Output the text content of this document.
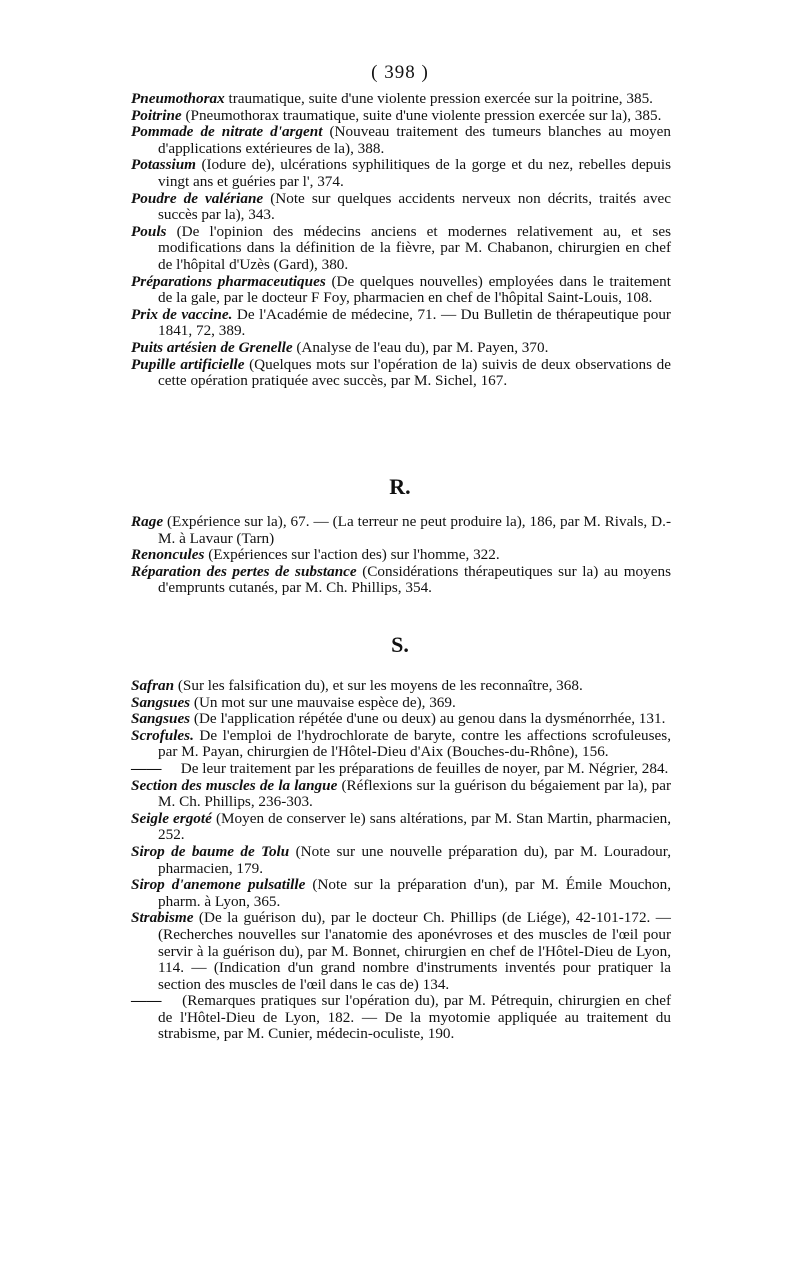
( 398 )

Pneumothorax traumatique, suite d'une violente pression exercée sur la poitrine, 385.

Poitrine (Pneumothorax traumatique, suite d'une violente pression exercée sur la), 385.

Pommade de nitrate d'argent (Nouveau traitement des tumeurs blanches au moyen d'applications extérieures de la), 388.

Potassium (Iodure de), ulcérations syphilitiques de la gorge et du nez, rebelles depuis vingt ans et guéries par l', 374.

Poudre de valériane (Note sur quelques accidents nerveux non décrits, traités avec succès par la), 343.

Pouls (De l'opinion des médecins anciens et modernes relativement au, et ses modifications dans la définition de la fièvre, par M. Chabanon, chirurgien en chef de l'hôpital d'Uzès (Gard), 380.

Préparations pharmaceutiques (De quelques nouvelles) employées dans le traitement de la gale, par le docteur F Foy, pharmacien en chef de l'hôpital Saint-Louis, 108.

Prix de vaccine. De l'Académie de médecine, 71. — Du Bulletin de thérapeutique pour 1841, 72, 389.

Puits artésien de Grenelle (Analyse de l'eau du), par M. Payen, 370.

Pupille artificielle (Quelques mots sur l'opération de la) suivis de deux observations de cette opération pratiquée avec succès, par M. Sichel, 167.

R.

Rage (Expérience sur la), 67. — (La terreur ne peut produire la), 186, par M. Rivals, D.-M. à Lavaur (Tarn)

Renoncules (Expériences sur l'action des) sur l'homme, 322.

Réparation des pertes de substance (Considérations thérapeutiques sur la) au moyens d'emprunts cutanés, par M. Ch. Phillips, 354.

S.

Safran (Sur les falsification du), et sur les moyens de les reconnaître, 368.

Sangsues (Un mot sur une mauvaise espèce de), 369.

Sangsues (De l'application répétée d'une ou deux) au genou dans la dysménorrhée, 131.

Scrofules. De l'emploi de l'hydrochlorate de baryte, contre les affections scrofuleuses, par M. Payan, chirurgien de l'Hôtel-Dieu d'Aix (Bouches-du-Rhône), 156.

—— De leur traitement par les préparations de feuilles de noyer, par M. Négrier, 284.

Section des muscles de la langue (Réflexions sur la guérison du bégaiement par la), par M. Ch. Phillips, 236-303.

Seigle ergoté (Moyen de conserver le) sans altérations, par M. Stan Martin, pharmacien, 252.

Sirop de baume de Tolu (Note sur une nouvelle préparation du), par M. Louradour, pharmacien, 179.

Sirop d'anemone pulsatille (Note sur la préparation d'un), par M. Émile Mouchon, pharm. à Lyon, 365.

Strabisme (De la guérison du), par le docteur Ch. Phillips (de Liége), 42-101-172. — (Recherches nouvelles sur l'anatomie des aponévroses et des muscles de l'œil pour servir à la guérison du), par M. Bonnet, chirurgien en chef de l'Hôtel-Dieu de Lyon, 114. — (Indication d'un grand nombre d'instruments inventés pour pratiquer la section des muscles de l'œil dans le cas de) 134.

—— (Remarques pratiques sur l'opération du), par M. Pétrequin, chirurgien en chef de l'Hôtel-Dieu de Lyon, 182. — De la myotomie appliquée au traitement du strabisme, par M. Cunier, médecin-oculiste, 190.
